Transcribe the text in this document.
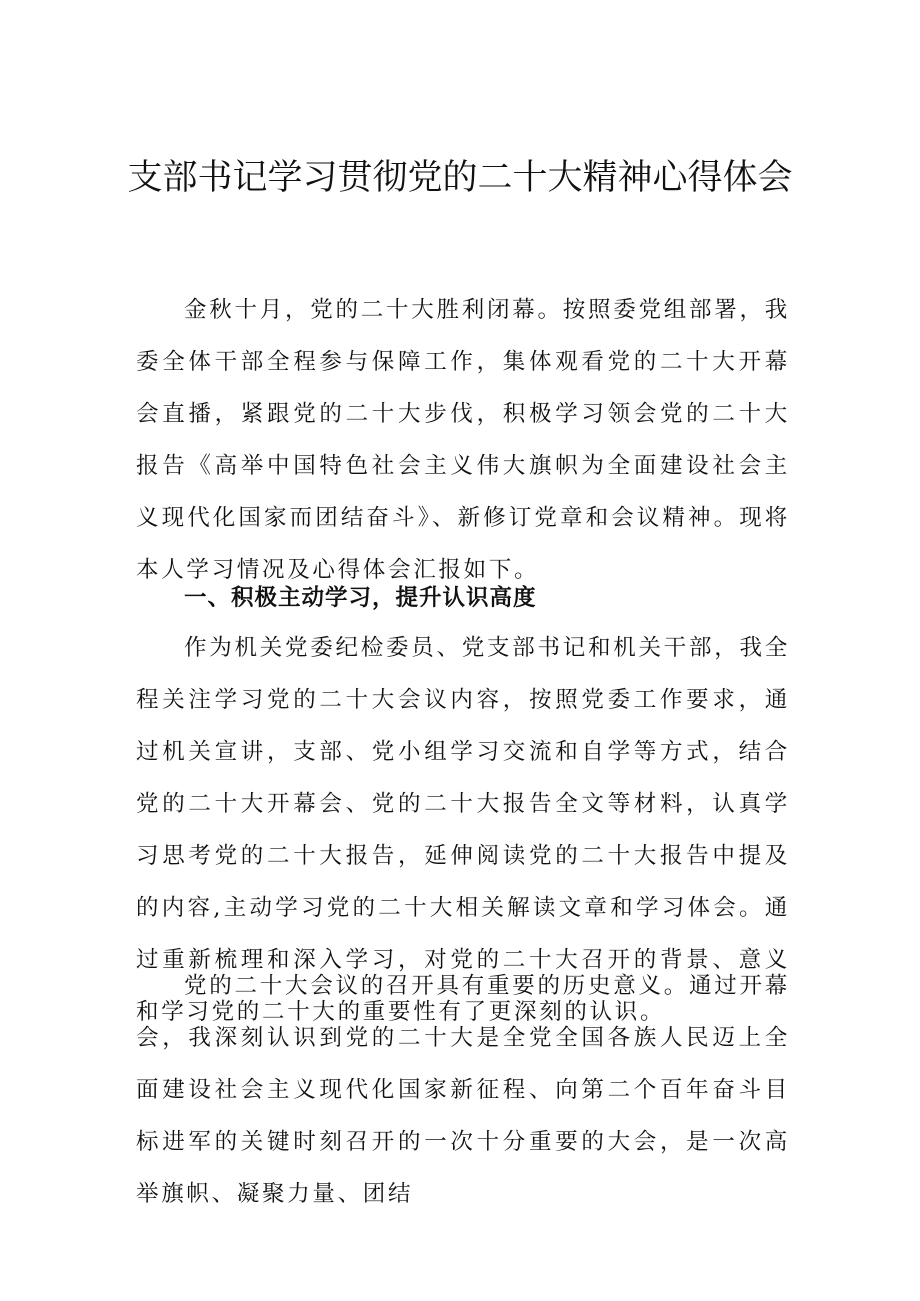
支部书记学习贯彻党的二十大精神心得体会

金秋十月，党的二十大胜利闭幕。按照委党组部署，我委全体干部全程参与保障工作，集体观看党的二十大开幕会直播，紧跟党的二十大步伐，积极学习领会党的二十大报告《高举中国特色社会主义伟大旗帜为全面建设社会主义现代化国家而团结奋斗》、新修订党章和会议精神。现将本人学习情况及心得体会汇报如下。

一、积极主动学习，提升认识高度

作为机关党委纪检委员、党支部书记和机关干部，我全程关注学习党的二十大会议内容，按照党委工作要求，通过机关宣讲，支部、党小组学习交流和自学等方式，结合党的二十大开幕会、党的二十大报告全文等材料，认真学习思考党的二十大报告，延伸阅读党的二十大报告中提及的内容,主动学习党的二十大相关解读文章和学习体会。通过重新梳理和深入学习，对党的二十大召开的背景、意义和学习党的二十大的重要性有了更深刻的认识。

党的二十大会议的召开具有重要的历史意义。通过开幕会，我深刻认识到党的二十大是全党全国各族人民迈上全面建设社会主义现代化国家新征程、向第二个百年奋斗目标进军的关键时刻召开的一次十分重要的大会，是一次高举旗帜、凝聚力量、团结
